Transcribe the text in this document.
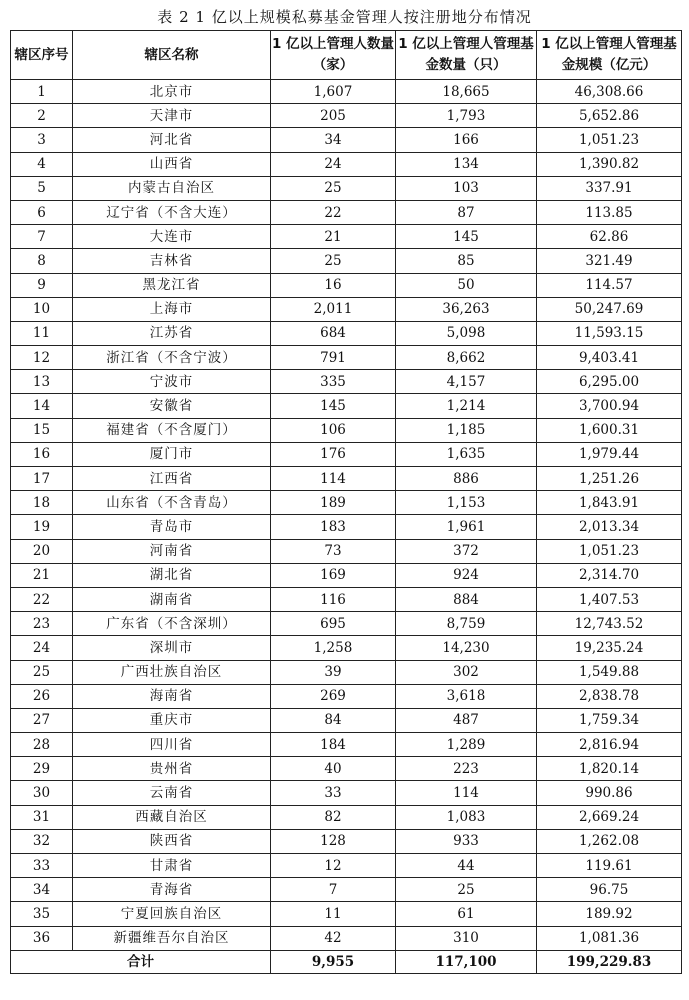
表 2 1 亿以上规模私募基金管理人按注册地分布情况
辖区序号	辖区名称	1 亿以上管理人数量（家）	1 亿以上管理人管理基金数量（只）	1 亿以上管理人管理基金规模（亿元）
1	北京市	1,607	18,665	46,308.66
2	天津市	205	1,793	5,652.86
3	河北省	34	166	1,051.23
4	山西省	24	134	1,390.82
5	内蒙古自治区	25	103	337.91
6	辽宁省（不含大连）	22	87	113.85
7	大连市	21	145	62.86
8	吉林省	25	85	321.49
9	黑龙江省	16	50	114.57
10	上海市	2,011	36,263	50,247.69
11	江苏省	684	5,098	11,593.15
12	浙江省（不含宁波）	791	8,662	9,403.41
13	宁波市	335	4,157	6,295.00
14	安徽省	145	1,214	3,700.94
15	福建省（不含厦门）	106	1,185	1,600.31
16	厦门市	176	1,635	1,979.44
17	江西省	114	886	1,251.26
18	山东省（不含青岛）	189	1,153	1,843.91
19	青岛市	183	1,961	2,013.34
20	河南省	73	372	1,051.23
21	湖北省	169	924	2,314.70
22	湖南省	116	884	1,407.53
23	广东省（不含深圳）	695	8,759	12,743.52
24	深圳市	1,258	14,230	19,235.24
25	广西壮族自治区	39	302	1,549.88
26	海南省	269	3,618	2,838.78
27	重庆市	84	487	1,759.34
28	四川省	184	1,289	2,816.94
29	贵州省	40	223	1,820.14
30	云南省	33	114	990.86
31	西藏自治区	82	1,083	2,669.24
32	陕西省	128	933	1,262.08
33	甘肃省	12	44	119.61
34	青海省	7	25	96.75
35	宁夏回族自治区	11	61	189.92
36	新疆维吾尔自治区	42	310	1,081.36
合计		9,955	117,100	199,229.83
